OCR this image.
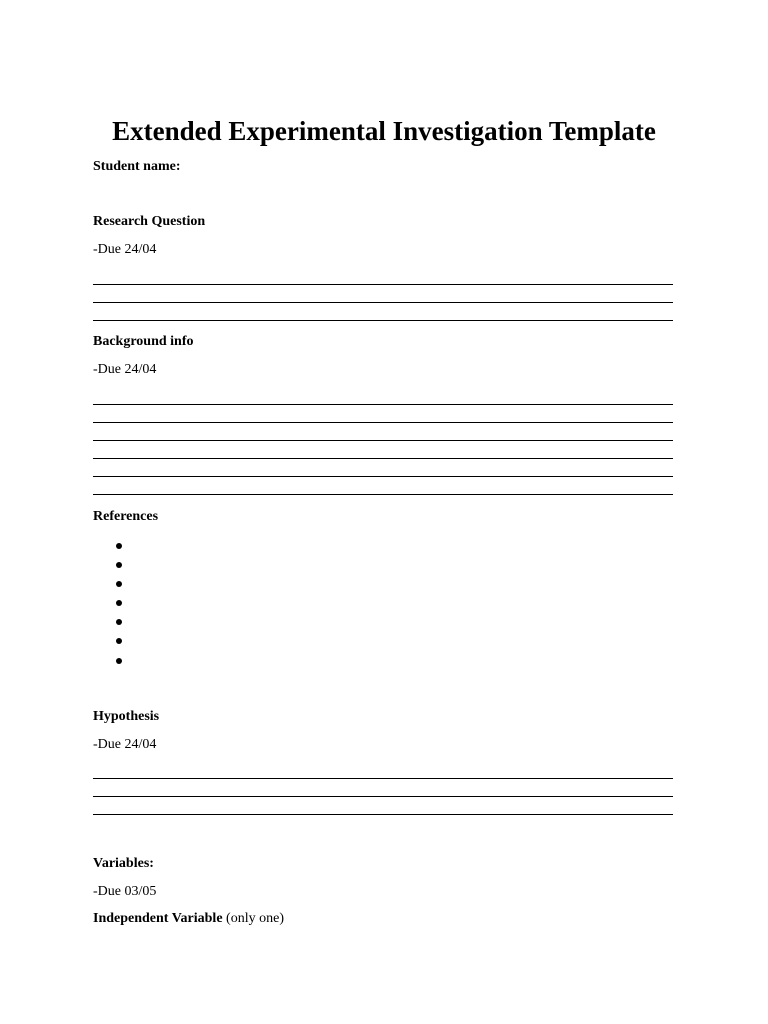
Extended Experimental Investigation Template
Student name:
Research Question
-Due 24/04
Background info
-Due 24/04
References
Hypothesis
-Due 24/04
Variables:
-Due 03/05
Independent Variable (only one)
